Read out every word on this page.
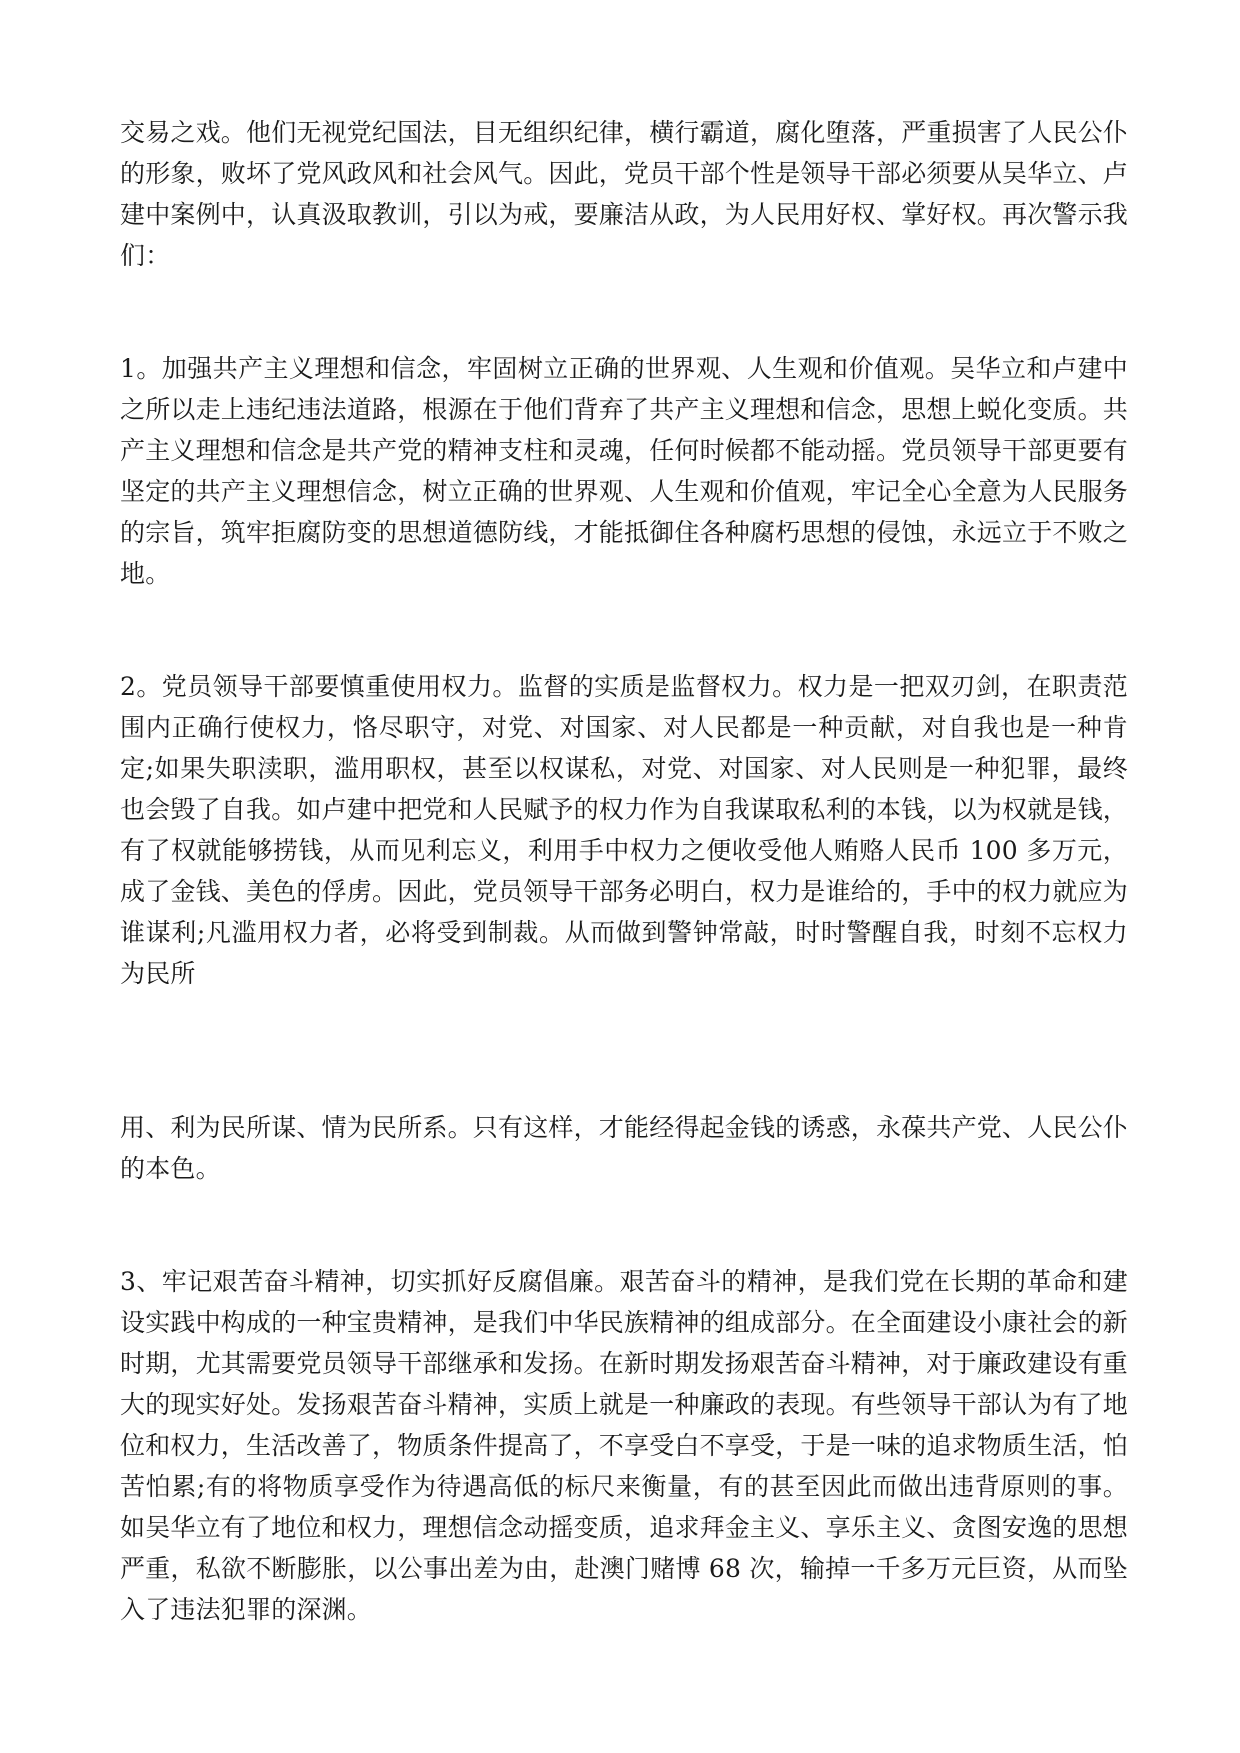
交易之戏。他们无视党纪国法，目无组织纪律，横行霸道，腐化堕落，严重损害了人民公仆的形象，败坏了党风政风和社会风气。因此，党员干部个性是领导干部必须要从吴华立、卢建中案例中，认真汲取教训，引以为戒，要廉洁从政，为人民用好权、掌好权。再次警示我们：

1。加强共产主义理想和信念，牢固树立正确的世界观、人生观和价值观。吴华立和卢建中之所以走上违纪违法道路，根源在于他们背弃了共产主义理想和信念，思想上蜕化变质。共产主义理想和信念是共产党的精神支柱和灵魂，任何时候都不能动摇。党员领导干部更要有坚定的共产主义理想信念，树立正确的世界观、人生观和价值观，牢记全心全意为人民服务的宗旨，筑牢拒腐防变的思想道德防线，才能抵御住各种腐朽思想的侵蚀，永远立于不败之地。

2。党员领导干部要慎重使用权力。监督的实质是监督权力。权力是一把双刃剑，在职责范围内正确行使权力，恪尽职守，对党、对国家、对人民都是一种贡献，对自我也是一种肯定;如果失职渎职，滥用职权，甚至以权谋私，对党、对国家、对人民则是一种犯罪，最终也会毁了自我。如卢建中把党和人民赋予的权力作为自我谋取私利的本钱，以为权就是钱，有了权就能够捞钱，从而见利忘义，利用手中权力之便收受他人贿赂人民币 100 多万元，成了金钱、美色的俘虏。因此，党员领导干部务必明白，权力是谁给的，手中的权力就应为谁谋利;凡滥用权力者，必将受到制裁。从而做到警钟常敲，时时警醒自我，时刻不忘权力为民所

用、利为民所谋、情为民所系。只有这样，才能经得起金钱的诱惑，永葆共产党、人民公仆的本色。

3、牢记艰苦奋斗精神，切实抓好反腐倡廉。艰苦奋斗的精神，是我们党在长期的革命和建设实践中构成的一种宝贵精神，是我们中华民族精神的组成部分。在全面建设小康社会的新时期，尤其需要党员领导干部继承和发扬。在新时期发扬艰苦奋斗精神，对于廉政建设有重大的现实好处。发扬艰苦奋斗精神，实质上就是一种廉政的表现。有些领导干部认为有了地位和权力，生活改善了，物质条件提高了，不享受白不享受，于是一味的追求物质生活，怕苦怕累;有的将物质享受作为待遇高低的标尺来衡量，有的甚至因此而做出违背原则的事。如吴华立有了地位和权力，理想信念动摇变质，追求拜金主义、享乐主义、贪图安逸的思想严重，私欲不断膨胀，以公事出差为由，赴澳门赌博 68 次，输掉一千多万元巨资，从而坠入了违法犯罪的深渊。
